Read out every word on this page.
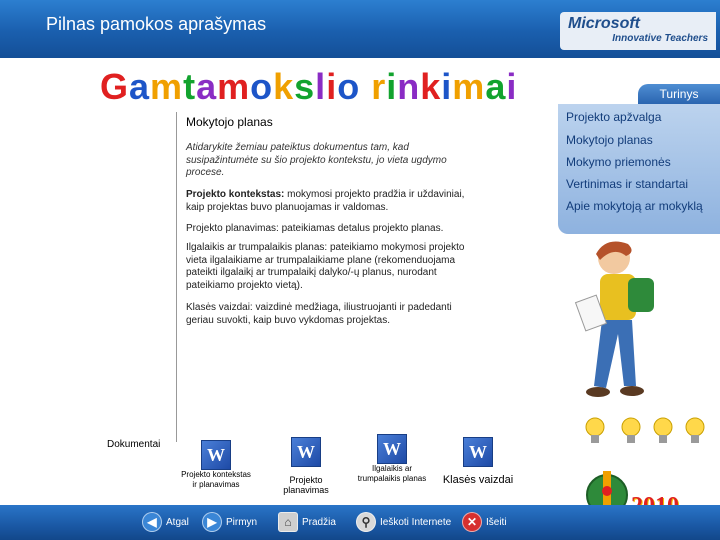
Pilnas pamokos aprašymas	Microsoft
Innovative Teachers
Gamtamokslio rinkimai
Mokytojo planas
Atidarykite žemiau pateiktus dokumentus tam, kad
susipažintumėte su šio projekto kontekstu, jo vieta ugdymo
procese.
Projekto kontekstas: mokymosi projekto pradžia ir uždaviniai,
kaip projektas buvo planuojamas ir valdomas.
Projekto planavimas: pateikiamas detalus projekto planas.
Ilgalaikis ar trumpalaikis planas: pateikiamo mokymosi projekto
vieta ilgalaikiame ar trumpalaikiame plane (rekomenduojama
pateikti ilgalaikį ar trumpalaikį dalyko/-ų planus, nurodant
pateikiamo projekto vietą).
Klasės vaizdai: vaizdinė medžiaga, iliustruojanti ir padedanti
geriau suvokti, kaip buvo vykdomas projektas.
Dokumentai
W
Projekto kontekstas
ir planavimas
W
Projekto planavimas
W
Ilgalaikis ar
trumpalaikis planas
W
Klasės vaizdai
Turinys
Projekto apžvalga
Mokytojo planas
Mokymo priemonės
Vertinimas ir standartai
Apie mokytoją ar mokyklą
◀ Atgal	▶ Pirmyn	⌂	Pradžia	⚲ Ieškoti Internete	✕ Išeiti
